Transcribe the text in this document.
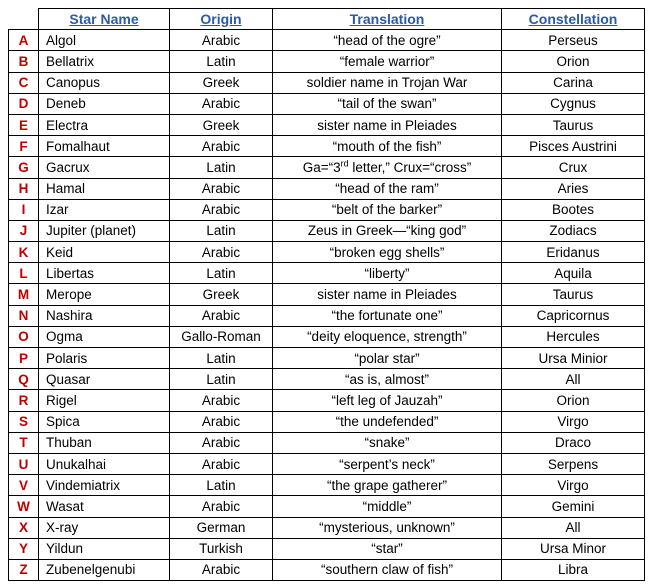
	Star Name	Origin	Translation	Constellation
A	Algol	Arabic	“head of the ogre”	Perseus
B	Bellatrix	Latin	“female warrior”	Orion
C	Canopus	Greek	soldier name in Trojan War	Carina
D	Deneb	Arabic	“tail of the swan”	Cygnus
E	Electra	Greek	sister name in Pleiades	Taurus
F	Fomalhaut	Arabic	“mouth of the fish”	Pisces Austrini
G	Gacrux	Latin	Ga=“3rd letter,” Crux=“cross”	Crux
H	Hamal	Arabic	“head of the ram”	Aries
I	Izar	Arabic	“belt of the barker”	Bootes
J	Jupiter (planet)	Latin	Zeus in Greek—“king god”	Zodiacs
K	Keid	Arabic	“broken egg shells”	Eridanus
L	Libertas	Latin	“liberty”	Aquila
M	Merope	Greek	sister name in Pleiades	Taurus
N	Nashira	Arabic	“the fortunate one”	Capricornus
O	Ogma	Gallo-Roman	“deity eloquence, strength”	Hercules
P	Polaris	Latin	“polar star”	Ursa Minior
Q	Quasar	Latin	“as is, almost”	All
R	Rigel	Arabic	“left leg of Jauzah”	Orion
S	Spica	Arabic	“the undefended”	Virgo
T	Thuban	Arabic	“snake”	Draco
U	Unukalhai	Arabic	“serpent’s neck”	Serpens
V	Vindemiatrix	Latin	“the grape gatherer”	Virgo
W	Wasat	Arabic	“middle”	Gemini
X	X-ray	German	“mysterious, unknown”	All
Y	Yildun	Turkish	“star”	Ursa Minor
Z	Zubenelgenubi	Arabic	“southern claw of fish”	Libra
